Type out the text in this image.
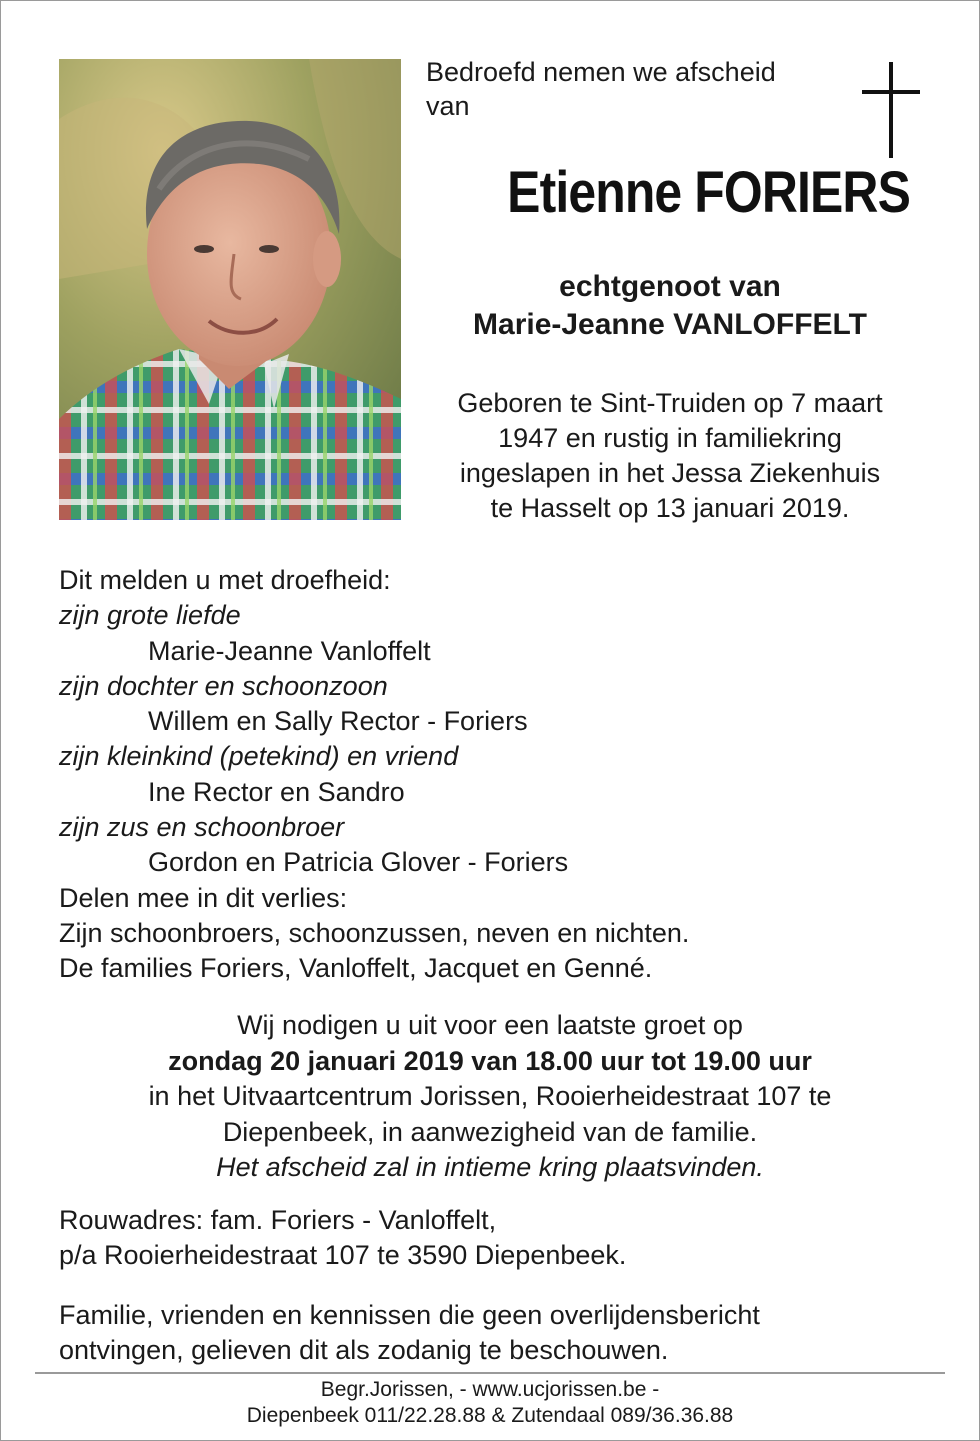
Bedroefd nemen we afscheid
van
Etienne FORIERS
echtgenoot van
Marie-Jeanne VANLOFFELT
Geboren te Sint-Truiden op 7 maart
1947 en rustig in familiekring
ingeslapen in het Jessa Ziekenhuis
te Hasselt op 13 januari 2019.
Dit melden u met droefheid:
zijn grote liefde
Marie-Jeanne Vanloffelt
zijn dochter en schoonzoon
Willem en Sally Rector - Foriers
zijn kleinkind (petekind) en vriend
Ine Rector en Sandro
zijn zus en schoonbroer
Gordon en Patricia Glover - Foriers
Delen mee in dit verlies:
Zijn schoonbroers, schoonzussen, neven en nichten.
De families Foriers, Vanloffelt, Jacquet en Genné.
Wij nodigen u uit voor een laatste groet op
zondag 20 januari 2019 van 18.00 uur tot 19.00 uur
in het Uitvaartcentrum Jorissen, Rooierheidestraat 107 te
Diepenbeek, in aanwezigheid van de familie.
Het afscheid zal in intieme kring plaatsvinden.
Rouwadres: fam. Foriers - Vanloffelt,
p/a Rooierheidestraat 107 te 3590 Diepenbeek.
Familie, vrienden en kennissen die geen overlijdensbericht
ontvingen, gelieven dit als zodanig te beschouwen.
Begr.Jorissen, - www.ucjorissen.be -
Diepenbeek 011/22.28.88 & Zutendaal 089/36.36.88
